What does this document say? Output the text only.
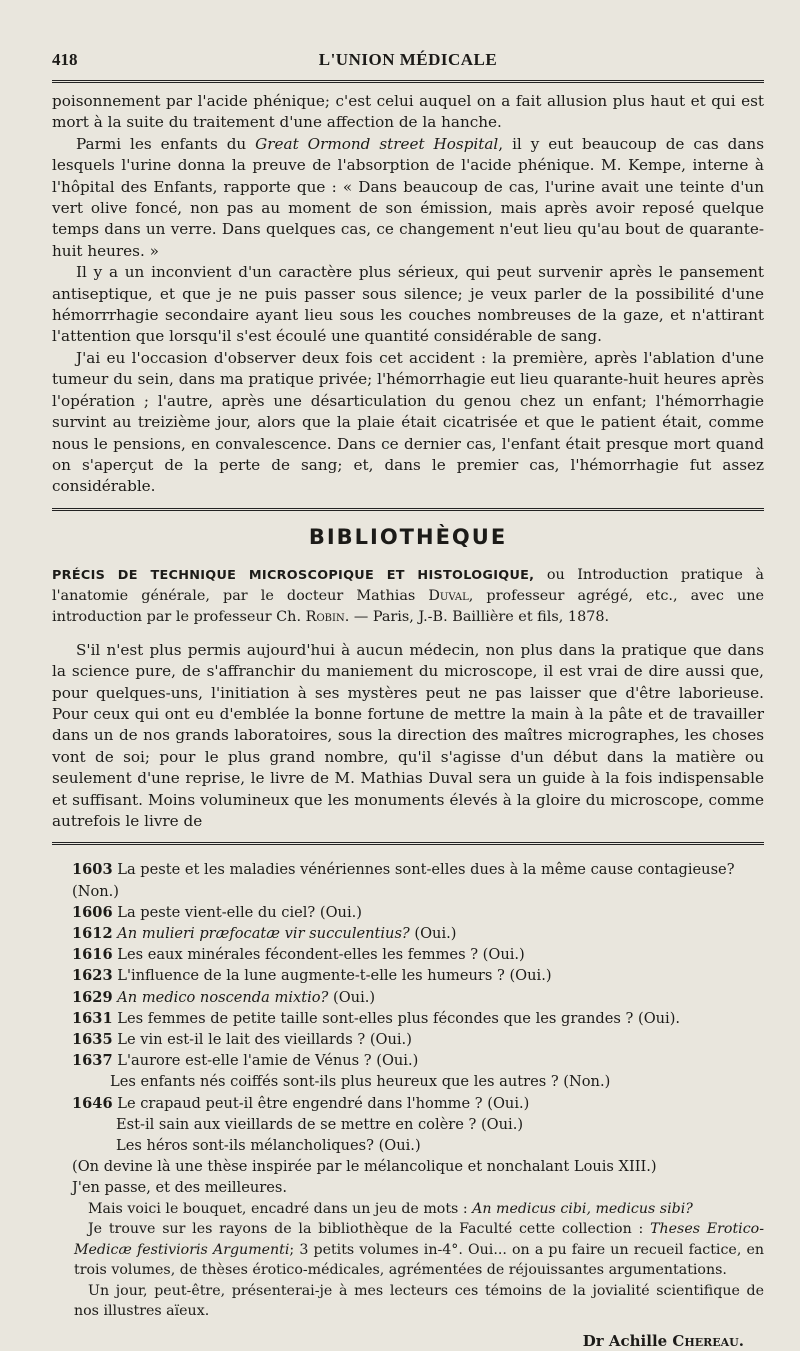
418	L'UNION MÉDICALE

poisonnement par l'acide phénique; c'est celui auquel on a fait allusion plus haut et qui est mort à la suite du traitement d'une affection de la hanche.

Parmi les enfants du Great Ormond street Hospital, il y eut beaucoup de cas dans lesquels l'urine donna la preuve de l'absorption de l'acide phénique. M. Kempe, interne à l'hôpital des Enfants, rapporte que : « Dans beaucoup de cas, l'urine avait une teinte d'un vert olive foncé, non pas au moment de son émission, mais après avoir reposé quelque temps dans un verre. Dans quelques cas, ce changement n'eut lieu qu'au bout de quarante-huit heures. »

Il y a un inconvient d'un caractère plus sérieux, qui peut survenir après le pansement antiseptique, et que je ne puis passer sous silence; je veux parler de la possibilité d'une hémorrrhagie secondaire ayant lieu sous les couches nombreuses de la gaze, et n'attirant l'attention que lorsqu'il s'est écoulé une quantité considérable de sang.

J'ai eu l'occasion d'observer deux fois cet accident : la première, après l'ablation d'une tumeur du sein, dans ma pratique privée; l'hémorrhagie eut lieu quarante-huit heures après l'opération ; l'autre, après une désarticulation du genou chez un enfant; l'hémorrhagie survint au treizième jour, alors que la plaie était cicatrisée et que le patient était, comme nous le pensions, en convalescence. Dans ce dernier cas, l'enfant était presque mort quand on s'aperçut de la perte de sang; et, dans le premier cas, l'hémorrhagie fut assez considérable.

BIBLIOTHÈQUE

PRÉCIS DE TECHNIQUE MICROSCOPIQUE ET HISTOLOGIQUE, ou Introduction pratique à l'anatomie générale, par le docteur Mathias Duval, professeur agrégé, etc., avec une introduction par le professeur Ch. Robin. — Paris, J.-B. Baillière et fils, 1878.

S'il n'est plus permis aujourd'hui à aucun médecin, non plus dans la pratique que dans la science pure, de s'affranchir du maniement du microscope, il est vrai de dire aussi que, pour quelques-uns, l'initiation à ses mystères peut ne pas laisser que d'être laborieuse. Pour ceux qui ont eu d'emblée la bonne fortune de mettre la main à la pâte et de travailler dans un de nos grands laboratoires, sous la direction des maîtres micrographes, les choses vont de soi; pour le plus grand nombre, qu'il s'agisse d'un début dans la matière ou seulement d'une reprise, le livre de M. Mathias Duval sera un guide à la fois indispensable et suffisant. Moins volumineux que les monuments élevés à la gloire du microscope, comme autrefois le livre de

1603 La peste et les maladies vénériennes sont-elles dues à la même cause contagieuse? (Non.)
1606 La peste vient-elle du ciel? (Oui.)
1612 An mulieri præfocatæ vir succulentius? (Oui.)
1616 Les eaux minérales fécondent-elles les femmes ? (Oui.)
1623 L'influence de la lune augmente-t-elle les humeurs ? (Oui.)
1629 An medico noscenda mixtio? (Oui.)
1631 Les femmes de petite taille sont-elles plus fécondes que les grandes ? (Oui).
1635 Le vin est-il le lait des vieillards ? (Oui.)
1637 L'aurore est-elle l'amie de Vénus ? (Oui.)
Les enfants nés coiffés sont-ils plus heureux que les autres ? (Non.)
1646 Le crapaud peut-il être engendré dans l'homme ? (Oui.)
Est-il sain aux vieillards de se mettre en colère ? (Oui.)
Les héros sont-ils mélancholiques? (Oui.)
(On devine là une thèse inspirée par le mélancolique et nonchalant Louis XIII.)
J'en passe, et des meilleures.

Mais voici le bouquet, encadré dans un jeu de mots : An medicus cibi, medicus sibi?

Je trouve sur les rayons de la bibliothèque de la Faculté cette collection : Theses Erotico-Medicæ festivioris Argumenti; 3 petits volumes in-4°. Oui... on a pu faire un recueil factice, en trois volumes, de thèses érotico-médicales, agrémentées de réjouissantes argumentations.

Un jour, peut-être, présenterai-je à mes lecteurs ces témoins de la jovialité scientifique de nos illustres aïeux.

Dr Achille Chereau.
